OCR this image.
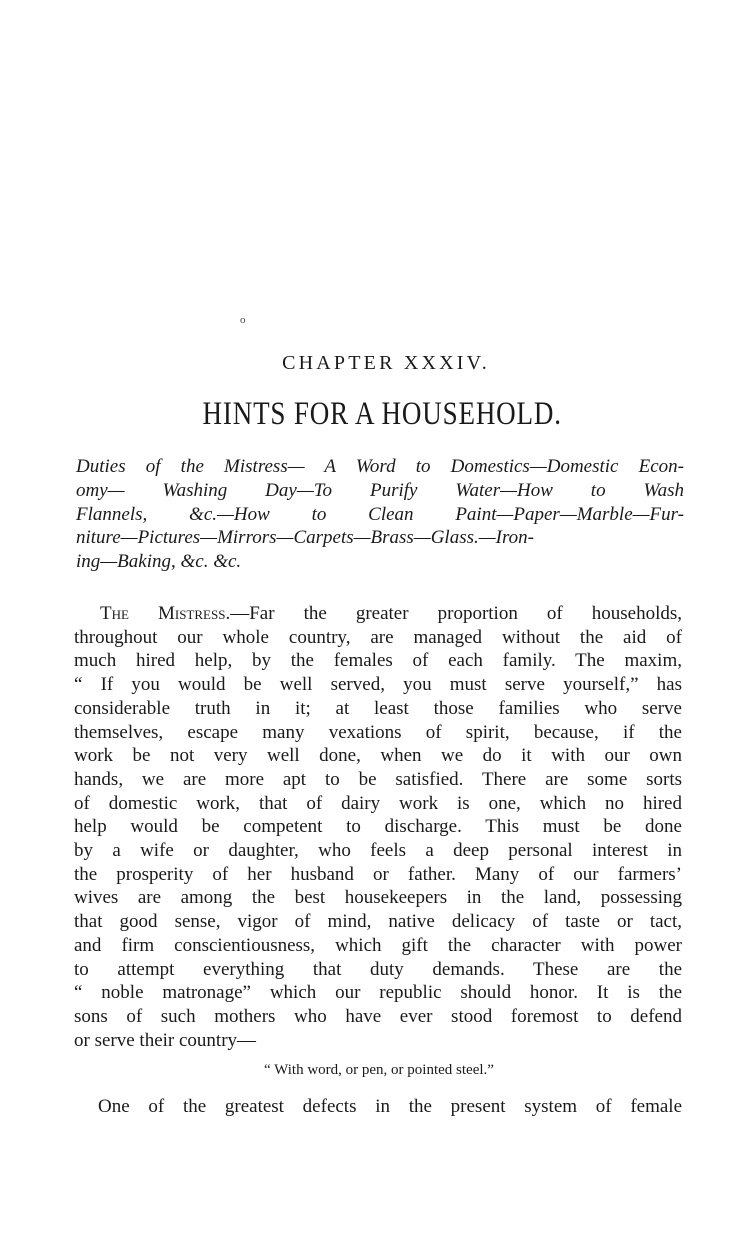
o
CHAPTER XXXIV.
HINTS FOR A HOUSEHOLD.
Duties of the Mistress— A Word to Domestics—Domestic Econ-
omy— Washing Day—To Purify Water—How to Wash
Flannels, &c.—How to Clean Paint—Paper—Marble—Fur-
niture—Pictures—Mirrors—Carpets—Brass—Glass.—Iron-
ing—Baking, &c. &c.
The Mistress.—Far the greater proportion of households,
throughout our whole country, are managed without the aid of
much hired help, by the females of each family. The maxim,
“ If you would be well served, you must serve yourself,” has
considerable truth in it; at least those families who serve
themselves, escape many vexations of spirit, because, if the
work be not very well done, when we do it with our own
hands, we are more apt to be satisfied. There are some sorts
of domestic work, that of dairy work is one, which no hired
help would be competent to discharge. This must be done
by a wife or daughter, who feels a deep personal interest in
the prosperity of her husband or father. Many of our farmers’
wives are among the best housekeepers in the land, possessing
that good sense, vigor of mind, native delicacy of taste or tact,
and firm conscientiousness, which gift the character with power
to attempt everything that duty demands. These are the
“ noble matronage” which our republic should honor. It is the
sons of such mothers who have ever stood foremost to defend
or serve their country—
“ With word, or pen, or pointed steel.”
One of the greatest defects in the present system of female
